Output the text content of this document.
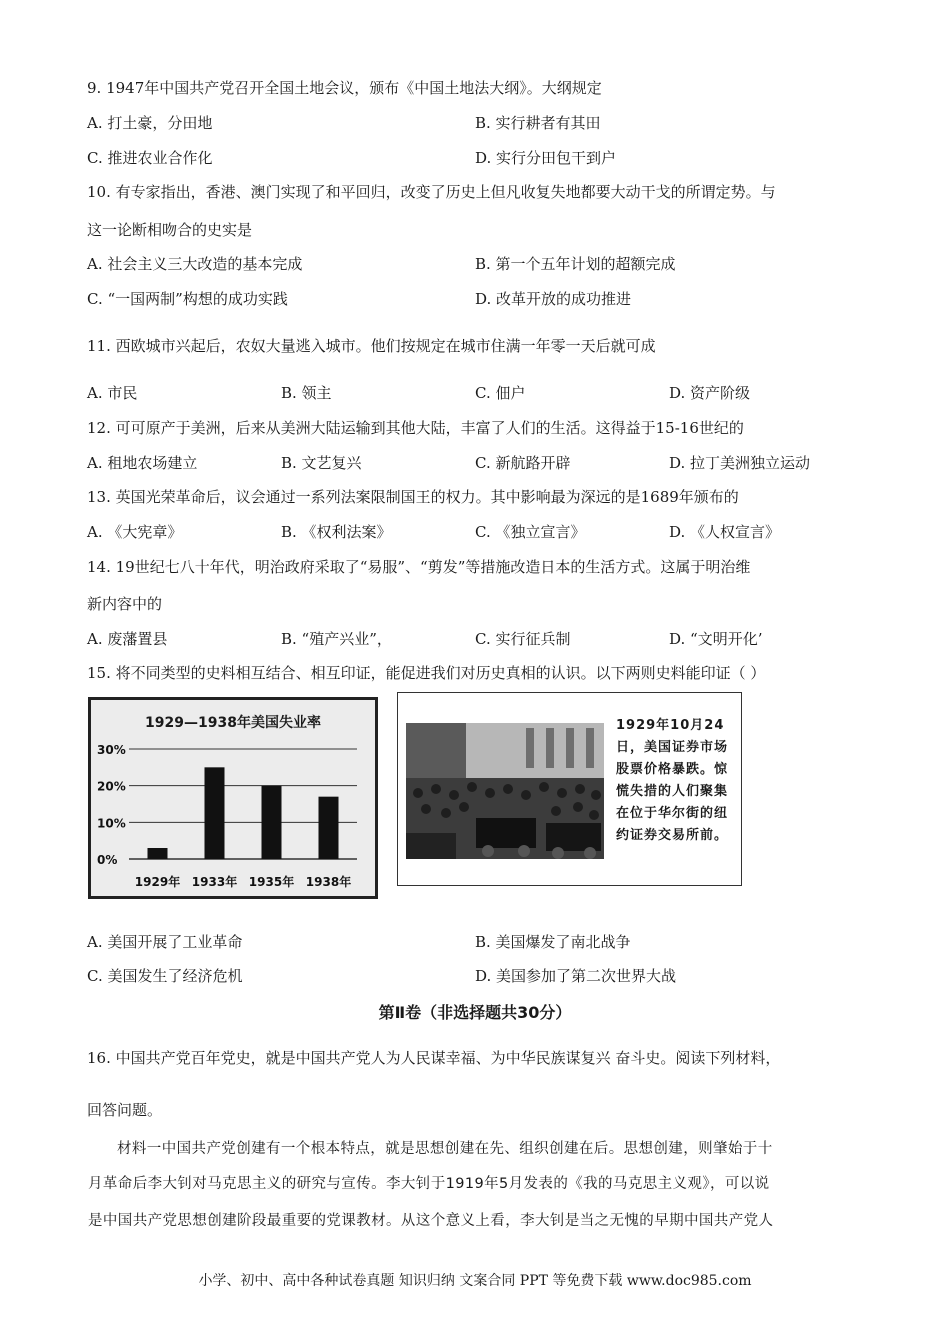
9. 1947年中国共产党召开全国土地会议，颁布《中国土地法大纲》。大纲规定
A. 打土豪，分田地	B. 实行耕者有其田
C. 推进农业合作化	D. 实行分田包干到户
10. 有专家指出，香港、澳门实现了和平回归，改变了历史上但凡收复失地都要大动干戈的所谓定势。与
这一论断相吻合的史实是
A. 社会主义三大改造的基本完成	B. 第一个五年计划的超额完成
C. “一国两制”构想的成功实践	D. 改革开放的成功推进
11. 西欧城市兴起后，农奴大量逃入城市。他们按规定在城市住满一年零一天后就可成
A. 市民	B. 领主	C. 佃户	D. 资产阶级
12. 可可原产于美洲，后来从美洲大陆运输到其他大陆，丰富了人们的生活。这得益于15-16世纪的
A. 租地农场建立	B. 文艺复兴	C. 新航路开辟	D. 拉丁美洲独立运动
13. 英国光荣革命后，议会通过一系列法案限制国王的权力。其中影响最为深远的是1689年颁布的
A. 《大宪章》	B. 《权利法案》	C. 《独立宣言》	D. 《人权宣言》
14. 19世纪七八十年代，明治政府采取了“易服”、“剪发”等措施改造日本的生活方式。这属于明治维
新内容中的
A. 废藩置县	B. “殖产兴业”，	C. 实行征兵制	D. “文明开化’
15. 将不同类型的史料相互结合、相互印证，能促进我们对历史真相的认识。以下两则史料能印证（ ）
1929—1938年美国失业率
30%
20%
10%
0%
1929年 1933年 1935年 1938年
1929年10月24日，美国证券市场股票价格暴跌。惊慌失措的人们聚集在位于华尔街的纽约证券交易所前。
A. 美国开展了工业革命	B. 美国爆发了南北战争
C. 美国发生了经济危机	D. 美国参加了第二次世界大战
第Ⅱ卷（非选择题共30分）
16. 中国共产党百年党史，就是中国共产党人为人民谋幸福、为中华民族谋复兴 奋斗史。阅读下列材料，
回答问题。
材料一中国共产党创建有一个根本特点，就是思想创建在先、组织创建在后。思想创建，则肇始于十
月革命后李大钊对马克思主义的研究与宣传。李大钊于1919年5月发表的《我的马克思主义观》，可以说
是中国共产党思想创建阶段最重要的党课教材。从这个意义上看，李大钊是当之无愧的早期中国共产党人
小学、初中、高中各种试卷真题 知识归纳 文案合同 PPT 等免费下载 www.doc985.com
